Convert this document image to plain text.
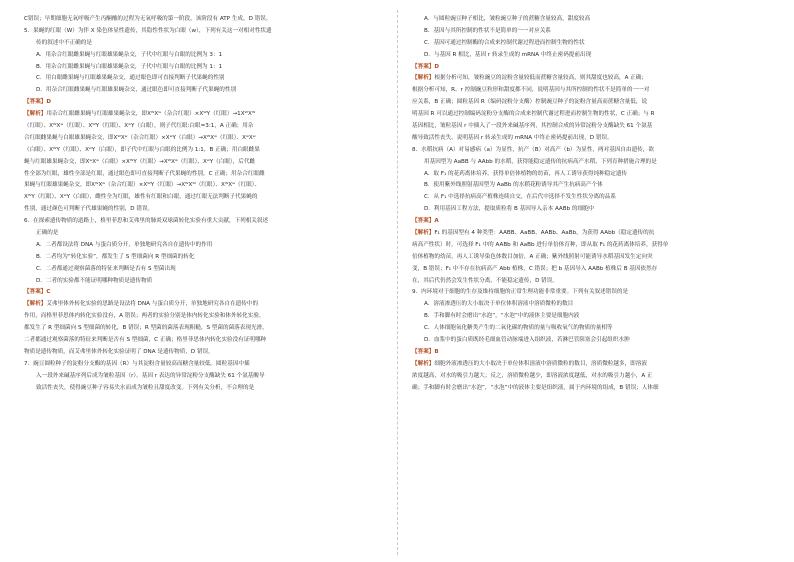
C错误；早期细胞无氧呼吸产生丙酮酸的过程为无氧呼吸的第一阶段，该阶段有 ATP 生成，D 错误。
5．果蝇的红眼（W）为伴 X 染色体显性遗传，其隐性性状为白眼（w），下列有关这一对相对性状遗
传的叙述中不正确的是
A．用杂合红眼雌果蝇与红眼雄果蝇杂交，子代中红眼与白眼的比例为 3：1
B．用杂合红眼雌果蝇与白眼雄果蝇杂交，子代中红眼与白眼的比例为 1：1
C．用白眼雌果蝇与红眼雄果蝇杂交，通过眼色即可直接判断子代果蝇的性别
D．用杂合红眼雌果蝇与红眼雄果蝇杂交，通过眼色即可直接判断子代果蝇的性别
【答案】D
【解析】用杂合红眼雌果蝇与红眼雄果蝇杂交，即XᵂXʷ（杂合红眼）×XᵂY（红眼）→1XᵂXᵂ
（红眼）、XᵂXʷ（红眼）、XᵂY（红眼）、XʷY（白眼），则子代红眼:白眼=3:1，A 正确；用杂
合红眼雌果蝇与白眼雄果蝇杂交，即XᵂXʷ（杂合红眼）×XʷY（白眼）→XᵂXʷ（红眼）、XʷXʷ
（白眼）、XᵂY（红眼）、XʷY（白眼），即子代中红眼与白眼的比例为 1:1，B 正确；用白眼雌果
蝇与红眼雄果蝇杂交，即XʷXʷ（白眼）×XᵂY（红眼）→XᵂXʷ（红眼）、XʷY（白眼），后代雌
性全部为红眼，雄性全部是红眼，通过眼色即可直接判断子代果蝇的性别，C 正确；用杂合红眼雌
果蝇与红眼雄果蝇杂交，即XᵂXʷ（杂合红眼）×XᵂY（红眼）→XᵂXᵂ（红眼）、XᵂXʷ（红眼）、
XᵂY（红眼）、XʷY（白眼），雌性全为红眼，雄性有红眼和白眼，通过红眼无法判断子代果蝇的
性别，通过颜色可判断子代雄果蝇的性别，D 错误。
6．在探索遗传物质的道路上，格里菲思和艾弗里的肺炎双球菌转化实验有重大贡献，下列相关叙述
正确的是
A．二者都设法将 DNA 与蛋白质分开，单独地研究各自在遗传中的作用
B．二者均为“转化实验”，都发生了 S 型细菌向 R 型细菌的转化
C．二者都通过观察菌落的特征来判断是否有 S 型菌出现
D．二者的实验都不能证明哪种物质是遗传物质
【答案】C
【解析】艾弗里体外转化实验的思路是设法将 DNA 与蛋白质分开，单独地研究各自在遗传中的
作用，而格里菲思体内转化实验没有，A 错误；两者的实验分别是体内转化实验和体外转化实验，
都发生了 R 型细菌向 S 型细菌的转化，B 错误；R 型菌的菌落表现粗糙，S 型菌的菌落表现光滑，
二者都通过观察菌落的特征来判断是否有 S 型细菌，C 正确；格里菲思体内转化实验没有证明哪种
物质是遗传物质，而艾弗里体外转化实验证明了 DNA 是遗传物质，D 错误。
7．豌豆圆粒种子的淀粉分支酶的基因（R）与其淀粉含量较高而糖含量较低。圆粒基因中插
入一段外来碱基序列后成为皱粒基因（r）。基因 r 表达的异常淀粉分支酶缺失 61 个氨基酸导
致活性丧失，使得豌豆种子容易失水而成为皱粒且甜度改变。下列有关分析，不合理的是
A．与圆粒豌豆种子相比，皱粒豌豆种子的蔗糖含量较高，甜度较高
B．基因与其所控制的性状不是简单的一一对应关系
C．基因可通过控制酶的合成来控制代谢过程进而控制生物的性状
D．与基因 R 相比，基因 r 转录生成的 mRNA 中终止密码提前出现
【答案】D
【解析】根据分析可知，皱粒豌豆的淀粉含量较低而蔗糖含量较高，则其甜度也较高，A 正确；
根据分析可知，R、r 控制豌豆粒形和甜度都不同，说明基因与其所控制的性状不是简单的一一对
应关系，B 正确；圆粒基因 R（编码淀粉分支酶）控制豌豆种子的淀粉含量高而蔗糖含量低，说
明基因 R 可以通过控制编码淀粉分支酶的合成来控制代谢过程进而控制生物的性状，C 正确；与 R
基因相比，皱粒基因 r 中插入了一段外来碱基序列，其控制合成的异常淀粉分支酶缺失 61 个氨基
酸导致活性丧失，说明基因 r 转录生成的 mRNA 中终止密码提前出现，D 错误。
8．水稻抗病（A）对易感病（a）为显性，抗产（B）对高产（b）为显性，两对基因自由遗传，欲
用基因型为 AaBB 与 AAbb 的水稻，获得能稳定遗传的抗病高产水稻，下列育种措施合理的是
A．取 F₁ 的花药离体培养，获得单倍体植物的幼苗，再人工诱导获得纯种稳定遗传
B．使用紫外线照射基因型为 AaBb 的水稻花粉诱导其产生抗病高产个体
C．从 F₁ 中选择抗病高产植株连续自交，在后代中选择不发生性状分离的品系
D．利用基因工程方法，提取质粒将 B 基因导入亲本 AABb 的细胞中
【答案】A
【解析】F₁ 的基因型有 4 种类型：AABB、AaBB、AABb、AaBb，为获得 AAbb（稳定遗传的抗
病高产性状）时，可选择 F₁ 中的 AABb 和 AaBb 进行单倍体育种，即从取 F₁ 的花药离体培养，获得单
倍体植物的幼苗，再人工诱导染色体数目加倍，A 正确；紫外线照射可能诱导水稻基因发生定向突
变，B 错误；F₁ 中不存在抗病高产 Abb 植株，C 错误；把 b 基因导入 AABb 植株后 B 基因依然存
在，其后代仍然会发生性状分离，不能稳定遗传，D 错误。
9．内环境对于细胞的生存及维持细胞的正常生理功能非常重要。下列有关叙述错误的是
A．溶液渗透压的大小取决于单位体积溶液中溶质微粒的数目
B．手和脚有时会磨出“水泡”，“水泡”中的液体主要是细胞内液
C．人体细胞氧化糖类产生的二氧化碳的物质的量与吸收氧气的物质的量相等
D．血浆中的蛋白质既经毛细血管动脉端进入组织液，若淋巴管阻塞会引起组织水肿
【答案】B
【解析】细胞外液渗透压的大小取决于单位体积溶液中溶质微粒的数目，溶质微粒越多，即溶液
浓度越高，对水的吸引力越大；反之，溶质微粒越少，即溶液浓度越低，对水的吸引力越小，A 正
确；手和脚有时会磨出“水泡”，“水泡”中的液体主要是组织液，属于内环境的组成，B 错误；人体细
